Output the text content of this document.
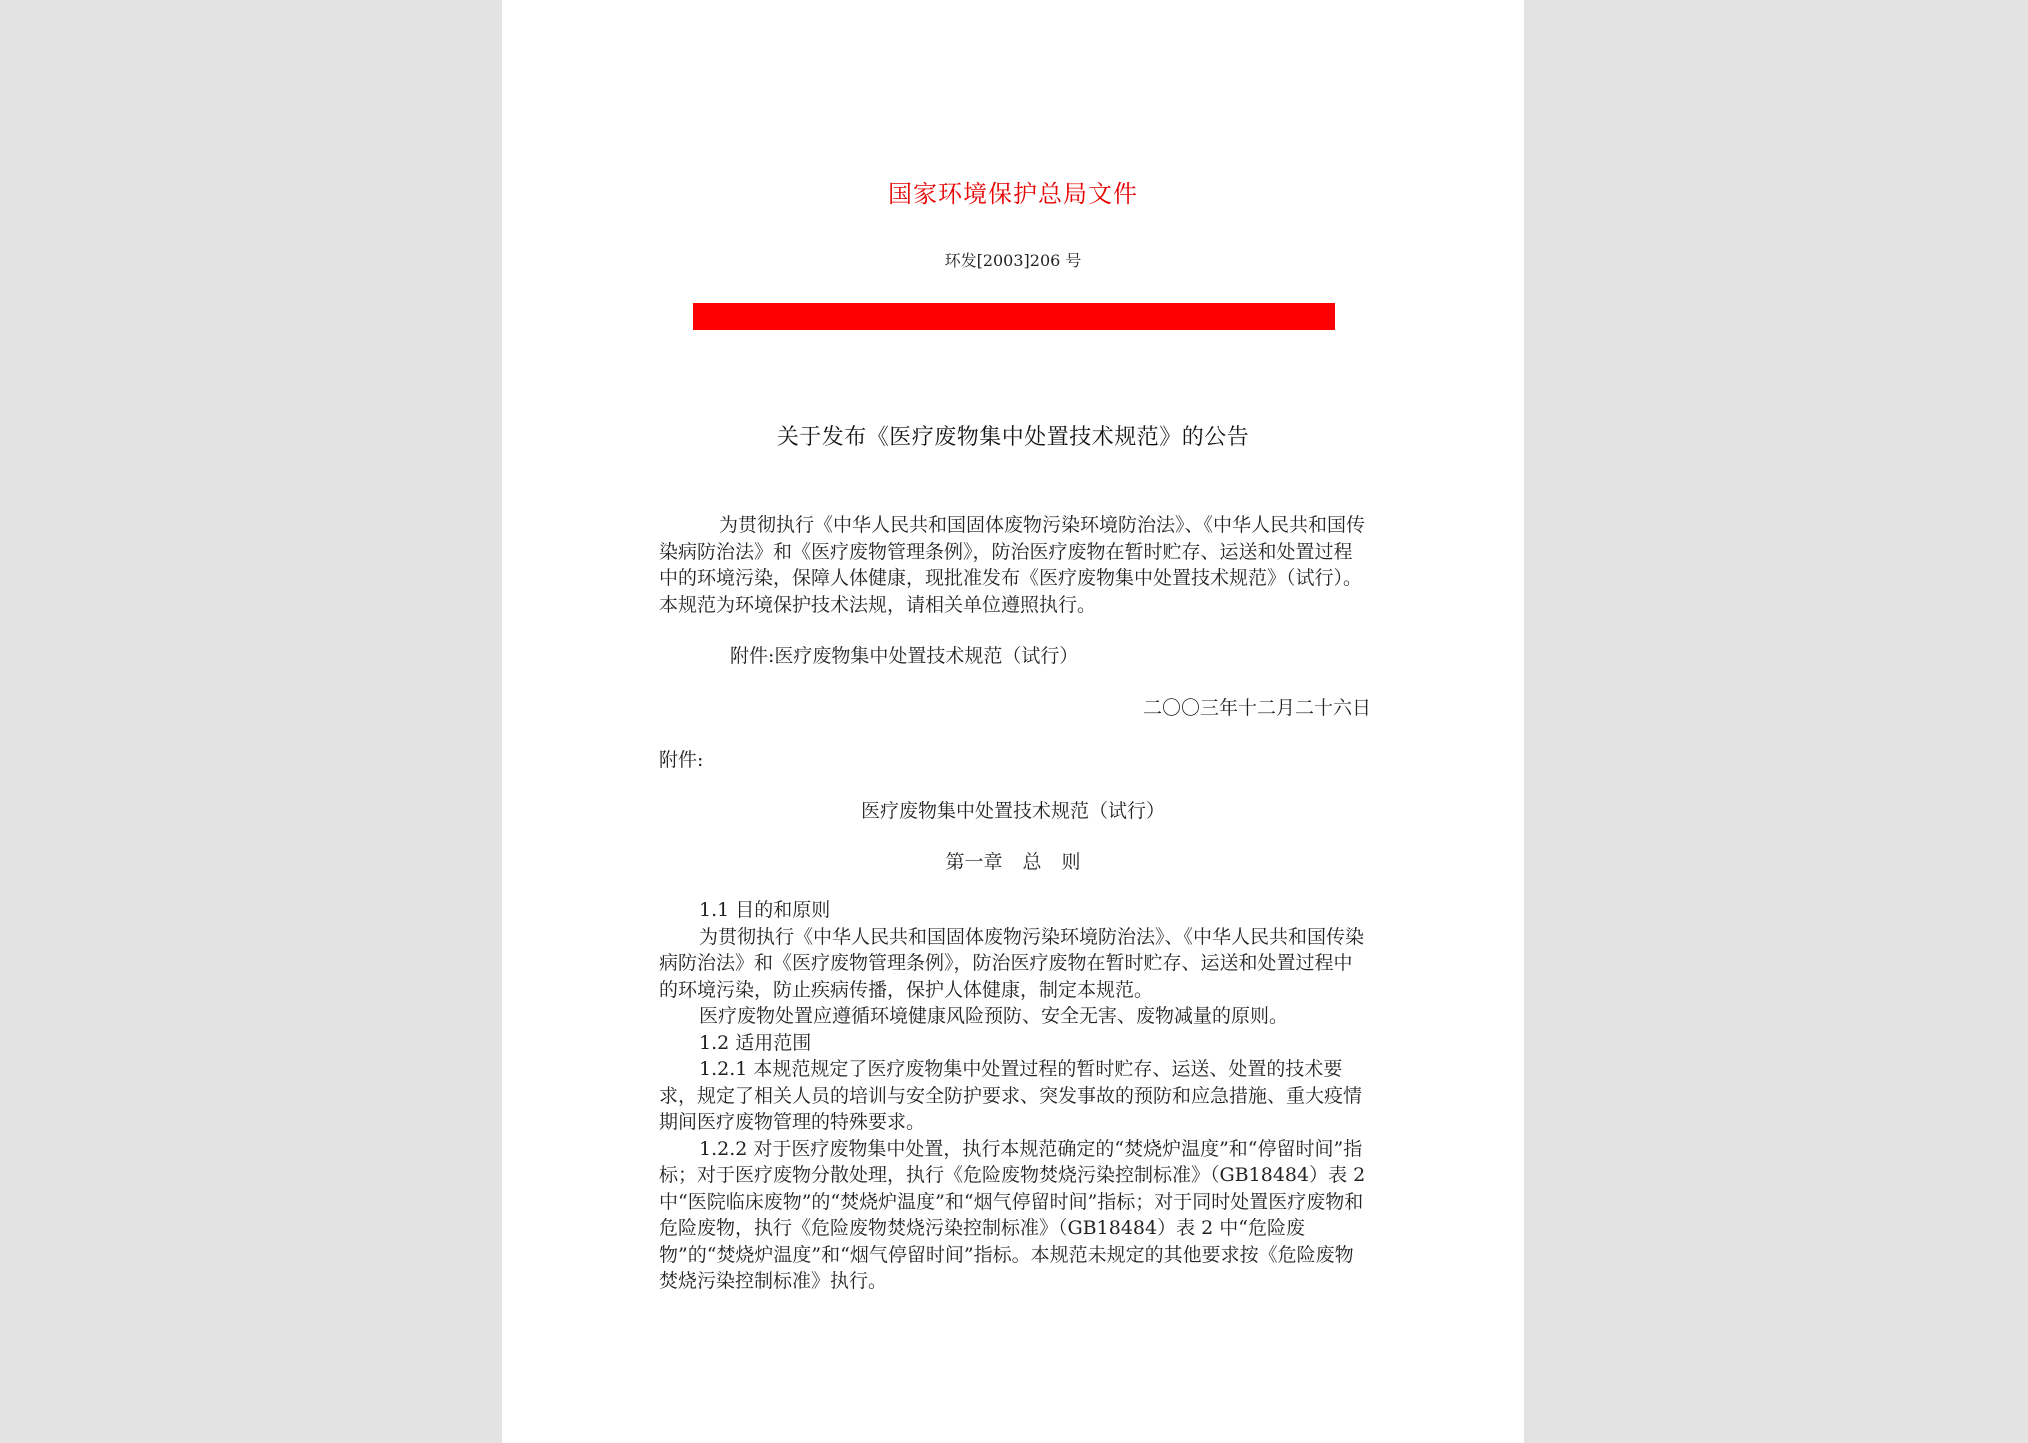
国家环境保护总局文件
环发[2003]206 号
关于发布《医疗废物集中处置技术规范》的公告
为贯彻执行《中华人民共和国固体废物污染环境防治法》、《中华人民共和国传染病防治法》和《医疗废物管理条例》，防治医疗废物在暂时贮存、运送和处置过程中的环境污染，保障人体健康，现批准发布《医疗废物集中处置技术规范》（试行）。本规范为环境保护技术法规，请相关单位遵照执行。
附件:医疗废物集中处置技术规范（试行）
二〇〇三年十二月二十六日
附件:
医疗废物集中处置技术规范（试行）
第一章 总 则

1.1 目的和原则

为贯彻执行《中华人民共和国固体废物污染环境防治法》、《中华人民共和国传染病防治法》和《医疗废物管理条例》，防治医疗废物在暂时贮存、运送和处置过程中的环境污染，防止疾病传播，保护人体健康，制定本规范。

医疗废物处置应遵循环境健康风险预防、安全无害、废物减量的原则。

1.2 适用范围

1.2.1 本规范规定了医疗废物集中处置过程的暂时贮存、运送、处置的技术要求，规定了相关人员的培训与安全防护要求、突发事故的预防和应急措施、重大疫情期间医疗废物管理的特殊要求。

1.2.2 对于医疗废物集中处置，执行本规范确定的“焚烧炉温度”和“停留时间”指标；对于医疗废物分散处理，执行《危险废物焚烧污染控制标准》（GB18484）表 2 中“医院临床废物”的“焚烧炉温度”和“烟气停留时间”指标；对于同时处置医疗废物和危险废物，执行《危险废物焚烧污染控制标准》（GB18484）表 2 中“危险废物”的“焚烧炉温度”和“烟气停留时间”指标。本规范未规定的其他要求按《危险废物焚烧污染控制标准》执行。
